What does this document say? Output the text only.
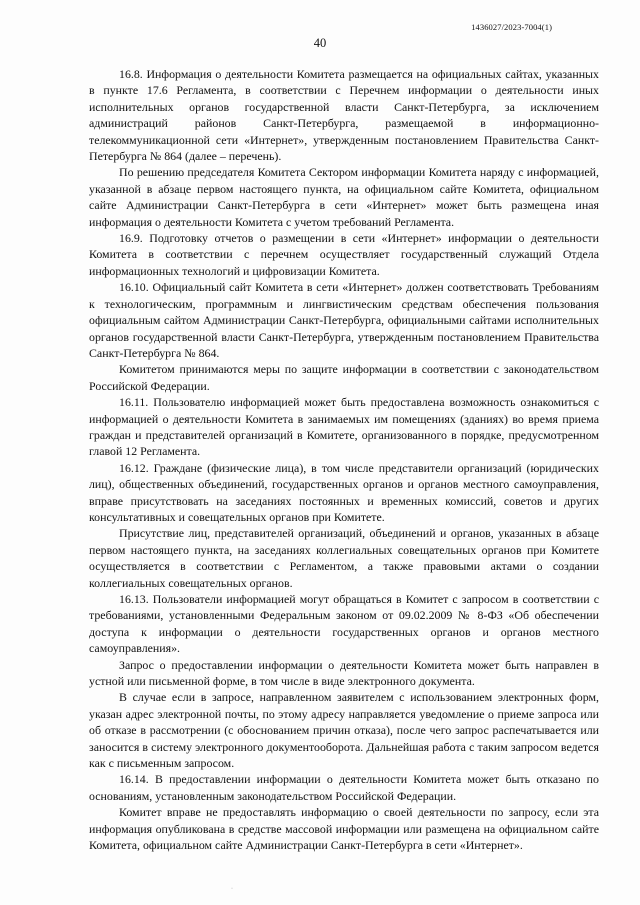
1436027/2023-7004(1)
40

16.8. Информация о деятельности Комитета размещается на официальных сайтах, указанных в пункте 17.6 Регламента, в соответствии с Перечнем информации о деятельности иных исполнительных органов государственной власти Санкт-Петербурга, за исключением администраций районов Санкт-Петербурга, размещаемой в информационно-телекоммуникационной сети «Интернет», утвержденным постановлением Правительства Санкт-Петербурга № 864 (далее – перечень).

По решению председателя Комитета Сектором информации Комитета наряду с информацией, указанной в абзаце первом настоящего пункта, на официальном сайте Комитета, официальном сайте Администрации Санкт-Петербурга в сети «Интернет» может быть размещена иная информация о деятельности Комитета с учетом требований Регламента.

16.9. Подготовку отчетов о размещении в сети «Интернет» информации о деятельности Комитета в соответствии с перечнем осуществляет государственный служащий Отдела информационных технологий и цифровизации Комитета.

16.10. Официальный сайт Комитета в сети «Интернет» должен соответствовать Требованиям к технологическим, программным и лингвистическим средствам обеспечения пользования официальным сайтом Администрации Санкт-Петербурга, официальными сайтами исполнительных органов государственной власти Санкт-Петербурга, утвержденным постановлением Правительства Санкт-Петербурга № 864.

Комитетом принимаются меры по защите информации в соответствии с законодательством Российской Федерации.

16.11. Пользователю информацией может быть предоставлена возможность ознакомиться с информацией о деятельности Комитета в занимаемых им помещениях (зданиях) во время приема граждан и представителей организаций в Комитете, организованного в порядке, предусмотренном главой 12 Регламента.

16.12. Граждане (физические лица), в том числе представители организаций (юридических лиц), общественных объединений, государственных органов и органов местного самоуправления, вправе присутствовать на заседаниях постоянных и временных комиссий, советов и других консультативных и совещательных органов при Комитете.

Присутствие лиц, представителей организаций, объединений и органов, указанных в абзаце первом настоящего пункта, на заседаниях коллегиальных совещательных органов при Комитете осуществляется в соответствии с Регламентом, а также правовыми актами о создании коллегиальных совещательных органов.

16.13. Пользователи информацией могут обращаться в Комитет с запросом в соответствии с требованиями, установленными Федеральным законом от 09.02.2009 № 8-ФЗ «Об обеспечении доступа к информации о деятельности государственных органов и органов местного самоуправления».

Запрос о предоставлении информации о деятельности Комитета может быть направлен в устной или письменной форме, в том числе в виде электронного документа.

В случае если в запросе, направленном заявителем с использованием электронных форм, указан адрес электронной почты, по этому адресу направляется уведомление о приеме запроса или об отказе в рассмотрении (с обоснованием причин отказа), после чего запрос распечатывается или заносится в систему электронного документооборота. Дальнейшая работа с таким запросом ведется как с письменным запросом.

16.14. В предоставлении информации о деятельности Комитета может быть отказано по основаниям, установленным законодательством Российской Федерации.

Комитет вправе не предоставлять информацию о своей деятельности по запросу, если эта информация опубликована в средстве массовой информации или размещена на официальном сайте Комитета, официальном сайте Администрации Санкт-Петербурга в сети «Интернет».

·
